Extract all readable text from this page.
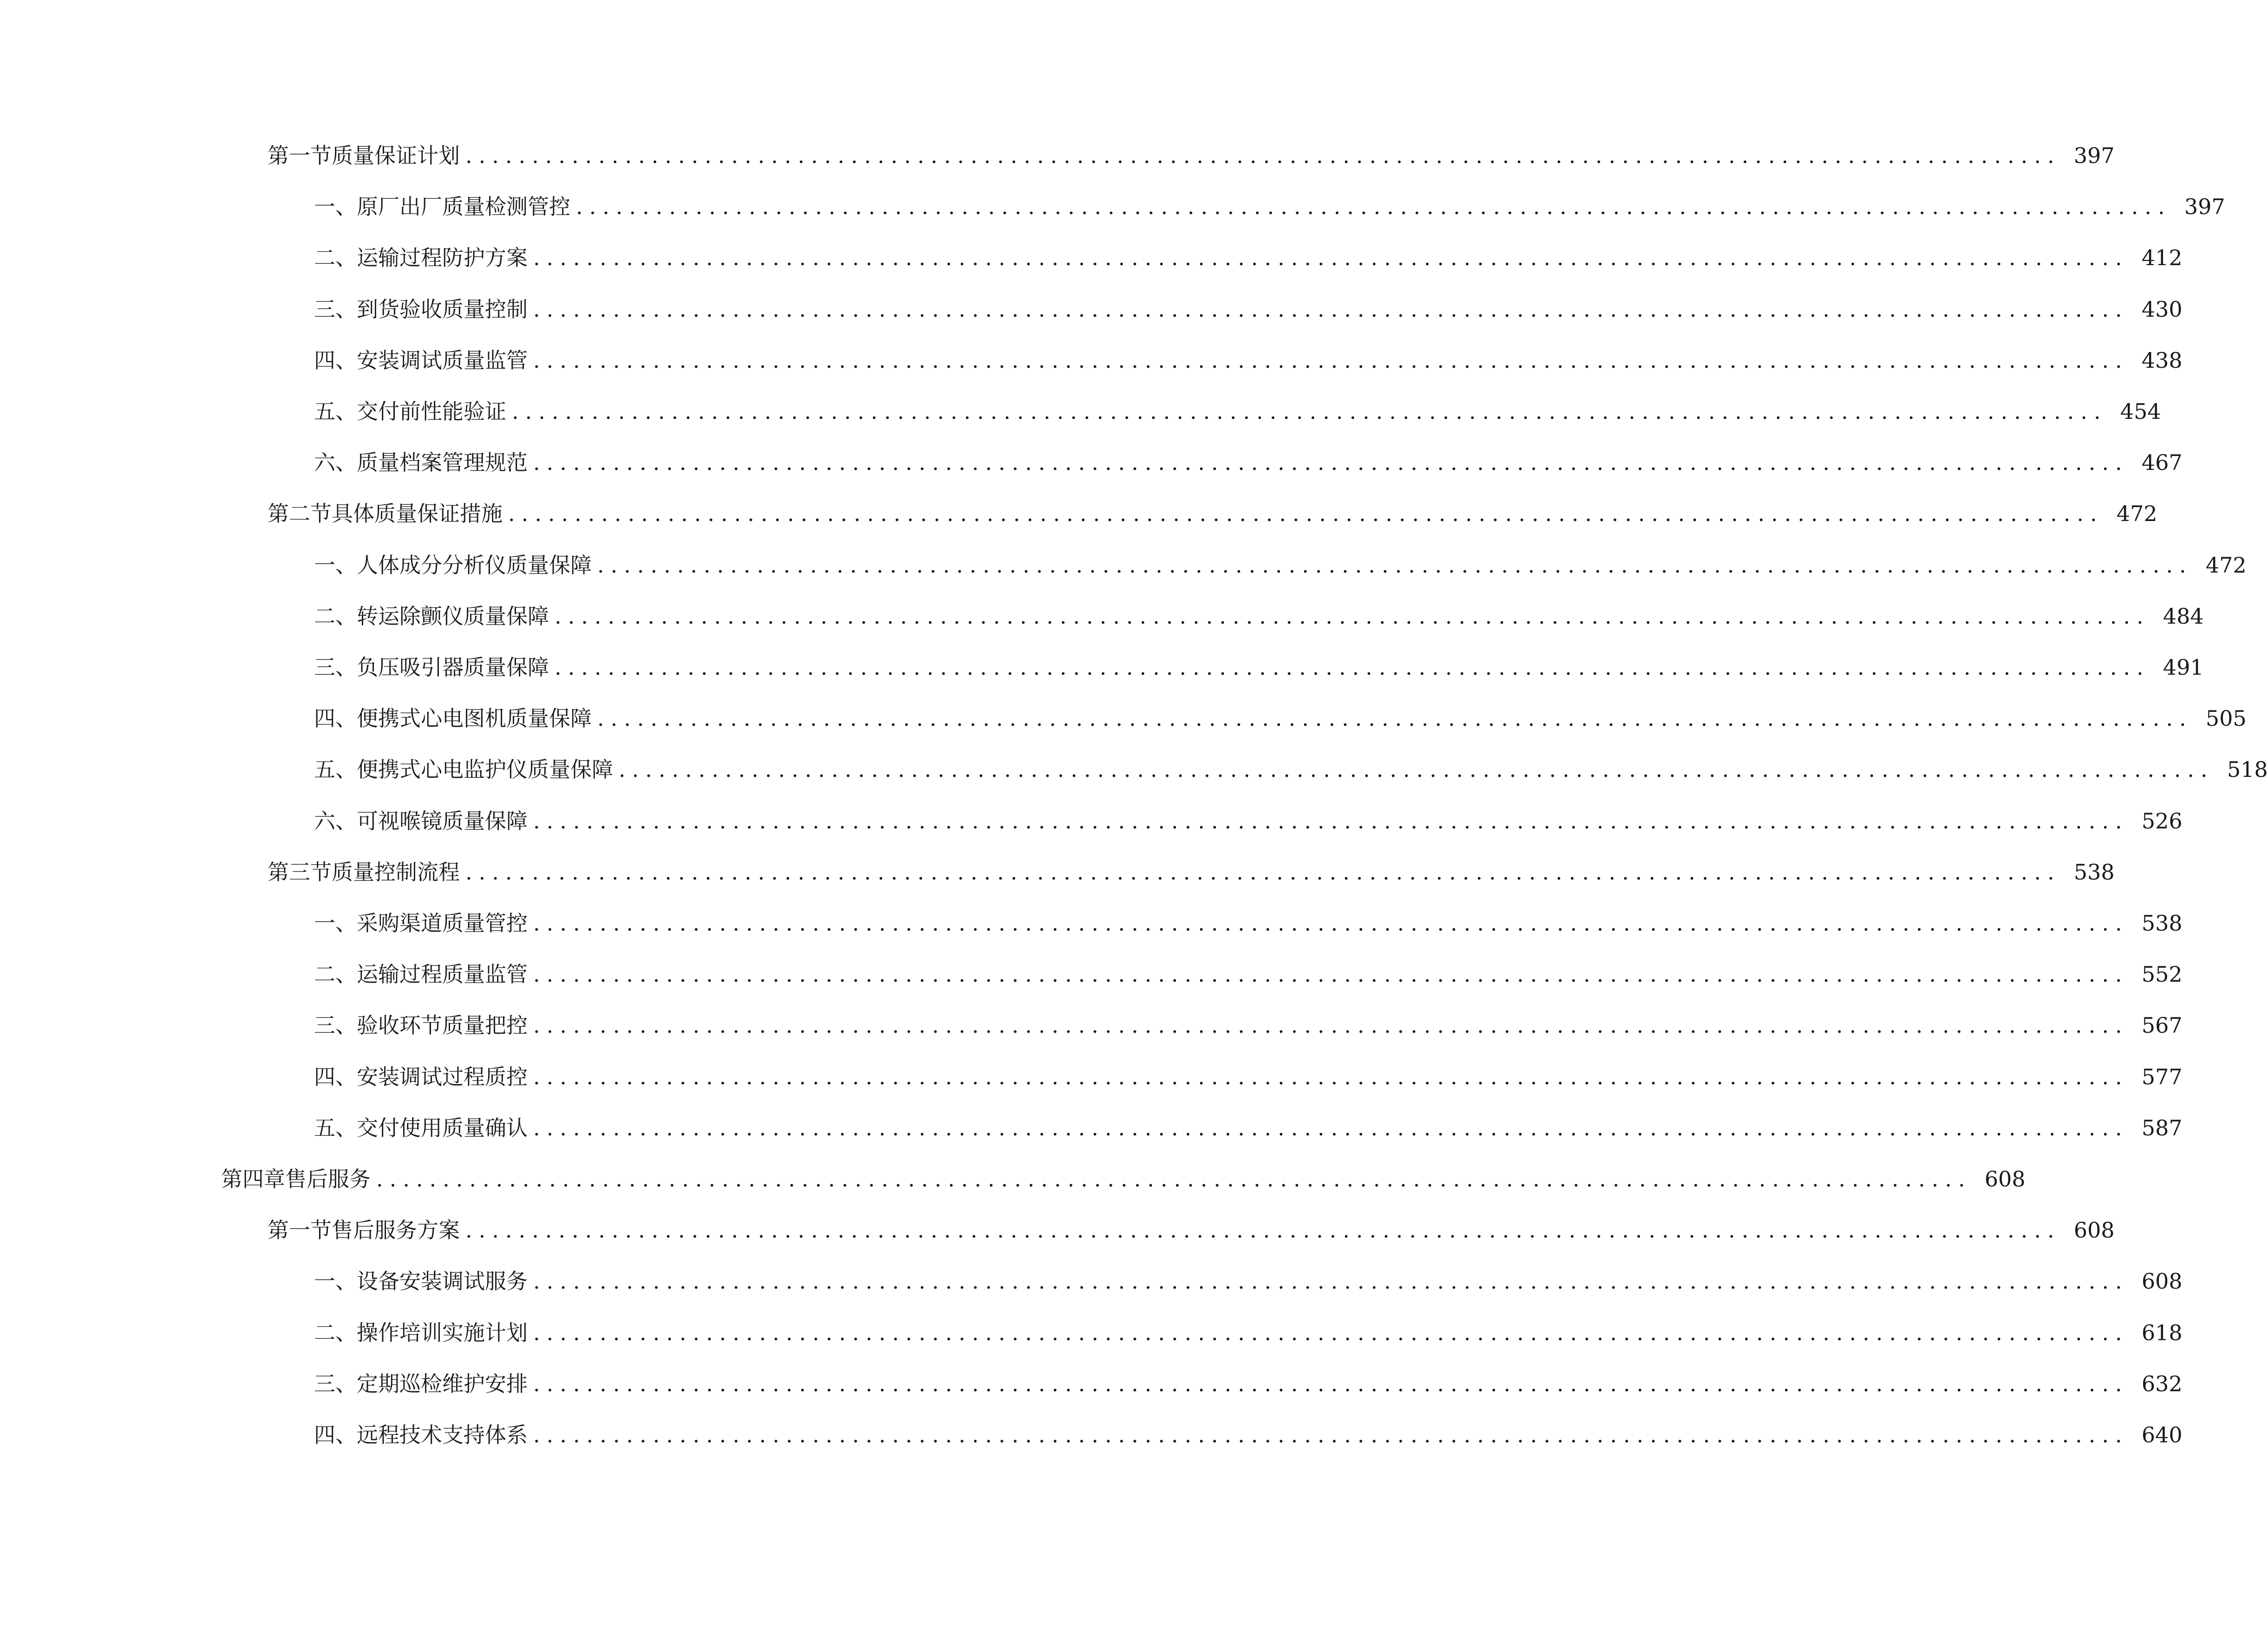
第一节 质量保证计划 ........................................................................................................................ 397
一、 原厂出厂质量检测管控 ........................................................................................................................ 397
二、 运输过程防护方案 ........................................................................................................................ 412
三、 到货验收质量控制 ........................................................................................................................ 430
四、 安装调试质量监管 ........................................................................................................................ 438
五、 交付前性能验证 ........................................................................................................................ 454
六、 质量档案管理规范 ........................................................................................................................ 467
第二节 具体质量保证措施 ........................................................................................................................ 472
一、 人体成分分析仪质量保障 ........................................................................................................................ 472
二、 转运除颤仪质量保障 ........................................................................................................................ 484
三、 负压吸引器质量保障 ........................................................................................................................ 491
四、 便携式心电图机质量保障 ........................................................................................................................ 505
五、 便携式心电监护仪质量保障 ........................................................................................................................ 518
六、 可视喉镜质量保障 ........................................................................................................................ 526
第三节 质量控制流程 ........................................................................................................................ 538
一、 采购渠道质量管控 ........................................................................................................................ 538
二、 运输过程质量监管 ........................................................................................................................ 552
三、 验收环节质量把控 ........................................................................................................................ 567
四、 安装调试过程质控 ........................................................................................................................ 577
五、 交付使用质量确认 ........................................................................................................................ 587
第四章 售后服务 ........................................................................................................................ 608
第一节 售后服务方案 ........................................................................................................................ 608
一、 设备安装调试服务 ........................................................................................................................ 608
二、 操作培训实施计划 ........................................................................................................................ 618
三、 定期巡检维护安排 ........................................................................................................................ 632
四、 远程技术支持体系 ........................................................................................................................ 640
